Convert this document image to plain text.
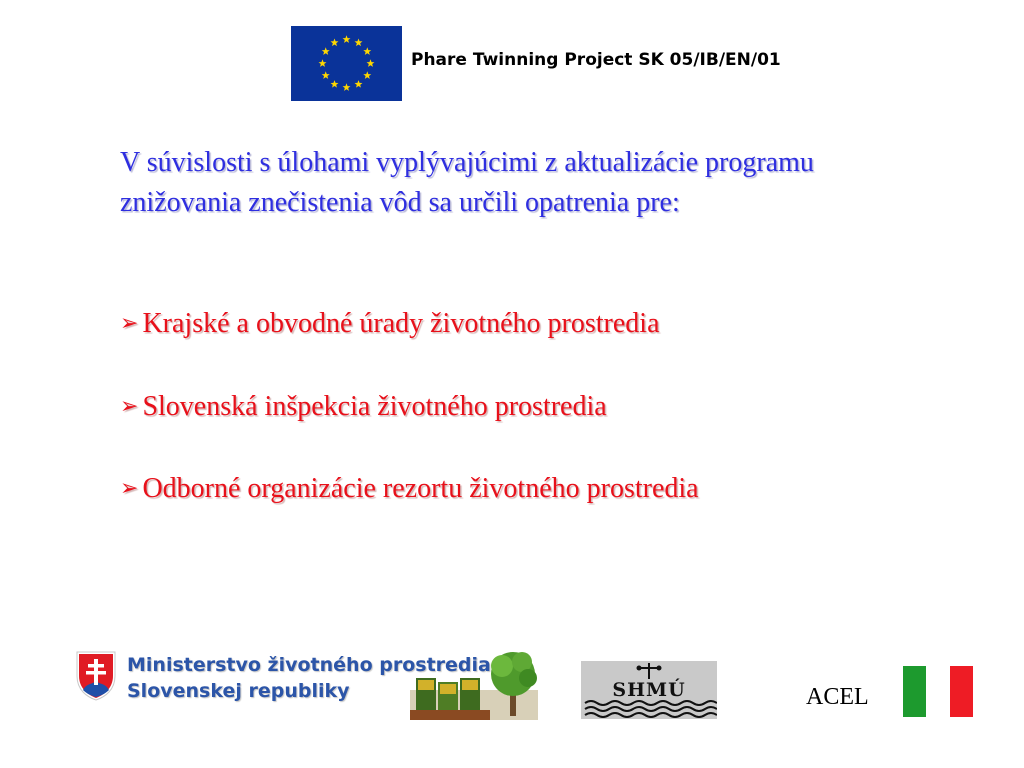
Phare Twinning Project SK 05/IB/EN/01

V súvislosti s úlohami vyplývajúcimi z aktualizácie programu znižovania znečistenia vôd sa určili opatrenia pre:

➢ Krajské a obvodné úrady životného prostredia
➢ Slovenská inšpekcia životného prostredia
➢ Odborné organizácie rezortu životného prostredia
Ministerstvo životného prostredia
Slovenskej republiky	SHMÚ	ACEL
